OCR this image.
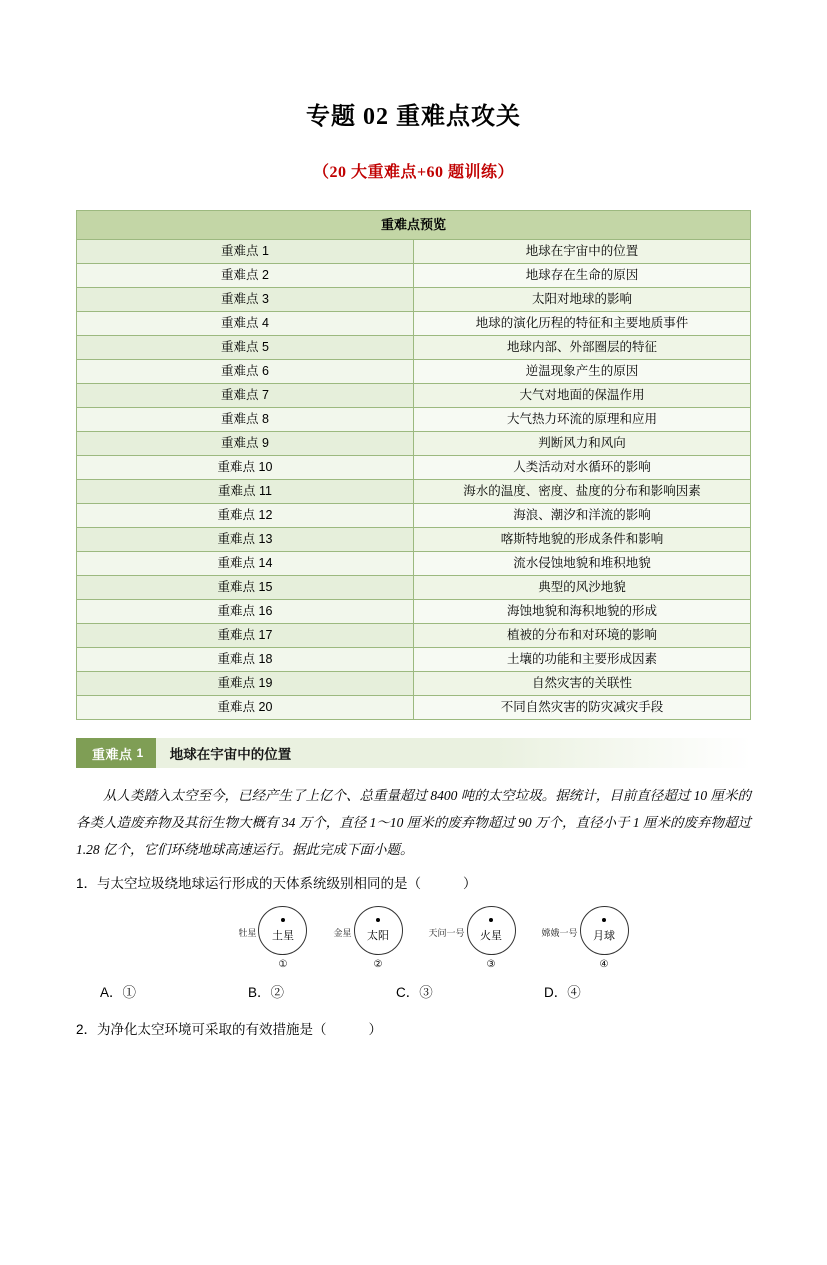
专题 02 重难点攻关
（20 大重难点+60 题训练）
重难点预览	
重难点 1	地球在宇宙中的位置
重难点 2	地球存在生命的原因
重难点 3	太阳对地球的影响
重难点 4	地球的演化历程的特征和主要地质事件
重难点 5	地球内部、外部圈层的特征
重难点 6	逆温现象产生的原因
重难点 7	大气对地面的保温作用
重难点 8	大气热力环流的原理和应用
重难点 9	判断风力和风向
重难点 10	人类活动对水循环的影响
重难点 11	海水的温度、密度、盐度的分布和影响因素
重难点 12	海浪、潮汐和洋流的影响
重难点 13	喀斯特地貌的形成条件和影响
重难点 14	流水侵蚀地貌和堆积地貌
重难点 15	典型的风沙地貌
重难点 16	海蚀地貌和海积地貌的形成
重难点 17	植被的分布和对环境的影响
重难点 18	土壤的功能和主要形成因素
重难点 19	自然灾害的关联性
重难点 20	不同自然灾害的防灾减灾手段
重难点 1	地球在宇宙中的位置
从人类踏入太空至今，已经产生了上亿个、总重量超过 8400 吨的太空垃圾。据统计，目前直径超过 10 厘米的各类人造废弃物及其衍生物大概有 34 万个，直径 1～10 厘米的废弃物超过 90 万个，直径小于 1 厘米的废弃物超过 1.28 亿个，它们环绕地球高速运行。据此完成下面小题。
1．与太空垃圾绕地球运行形成的天体系统级别相同的是（	）
牡星 土星
①
金星 太阳
②
天问一号 火星
③
嫦娥一号 月球
④
A．①	B．②	C．③	D．④
2．为净化太空环境可采取的有效措施是（	）
